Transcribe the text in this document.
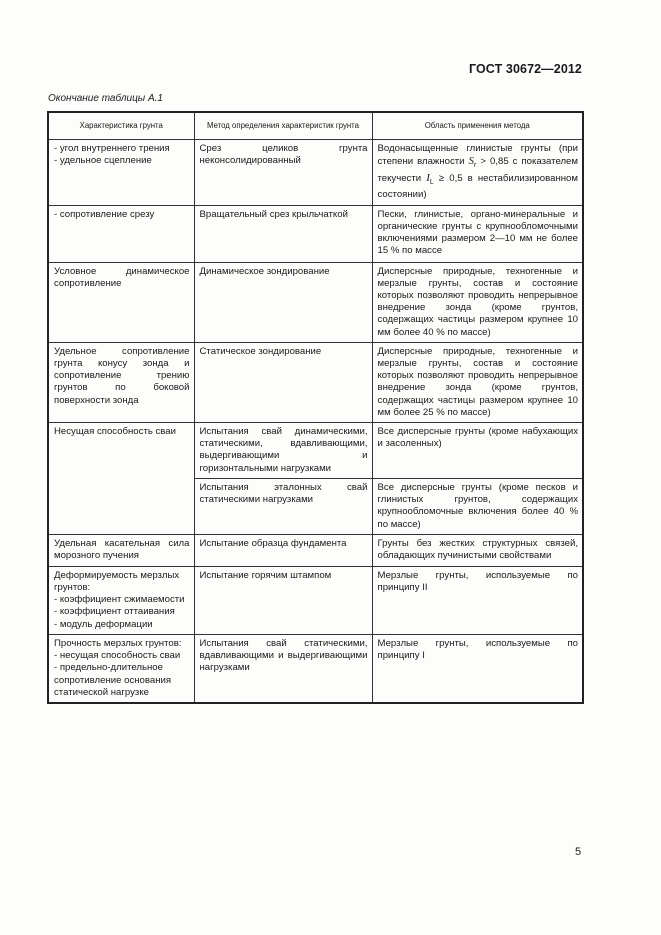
ГОСТ 30672—2012
Окончание таблицы А.1
Характеристика грунта	Метод определения характеристик грунта	Область применения метода

- угол внутреннего трения
- удельное сцепление	Срез целиков грунта неконсолидированный	Водонасыщенные глинистые грунты (при степени влажности $S_r > 0,85$ с показателем текучести $I_L \ge 0,5$ в нестабилизированном состоянии)

- сопротивление срезу	Вращательный срез крыльчаткой	Пески, глинистые, органо-минеральные и органические грунты с крупнообломочными включениями размером 2—10 мм не более 15 % по массе
Условное динамическое сопротивление	Динамическое зондирование	Дисперсные природные, техногенные и мерзлые грунты, состав и состояние которых позволяют проводить непрерывное внедрение зонда (кроме грунтов, содержащих частицы размером крупнее 10 мм более 40 % по массе)
Удельное сопротивление грунта конусу зонда и сопротивление трению грунтов по боковой поверхности зонда	Статическое зондирование	Дисперсные природные, техногенные и мерзлые грунты, состав и состояние которых позволяют проводить непрерывное внедрение зонда (кроме грунтов, содержащих частицы размером крупнее 10 мм более 25 % по массе)
Несущая способность сваи	Испытания свай динамическими, статическими, вдавливающими, выдергивающими и горизонтальными нагрузками	Все дисперсные грунты (кроме набухающих и засоленных)
	Испытания эталонных свай статическими нагрузками	Все дисперсные грунты (кроме песков и глинистых грунтов, содержащих крупнообломочные включения более 40 % по массе)
Удельная касательная сила морозного пучения	Испытание образца фундамента	Грунты без жестких структурных связей, обладающих пучинистыми свойствами

Деформируемость мерзлых грунтов:
- коэффициент сжимаемости
- коэффициент оттаивания
- модуль деформации	Испытание горячим штампом	Мерзлые грунты, используемые по принципу II

Прочность мерзлых грунтов:
- несущая способность сваи
- предельно-длительное сопротивление основания статической нагрузке	Испытания свай статическими, вдавливающими и выдергивающими нагрузками	Мерзлые грунты, используемые по принципу I
5
